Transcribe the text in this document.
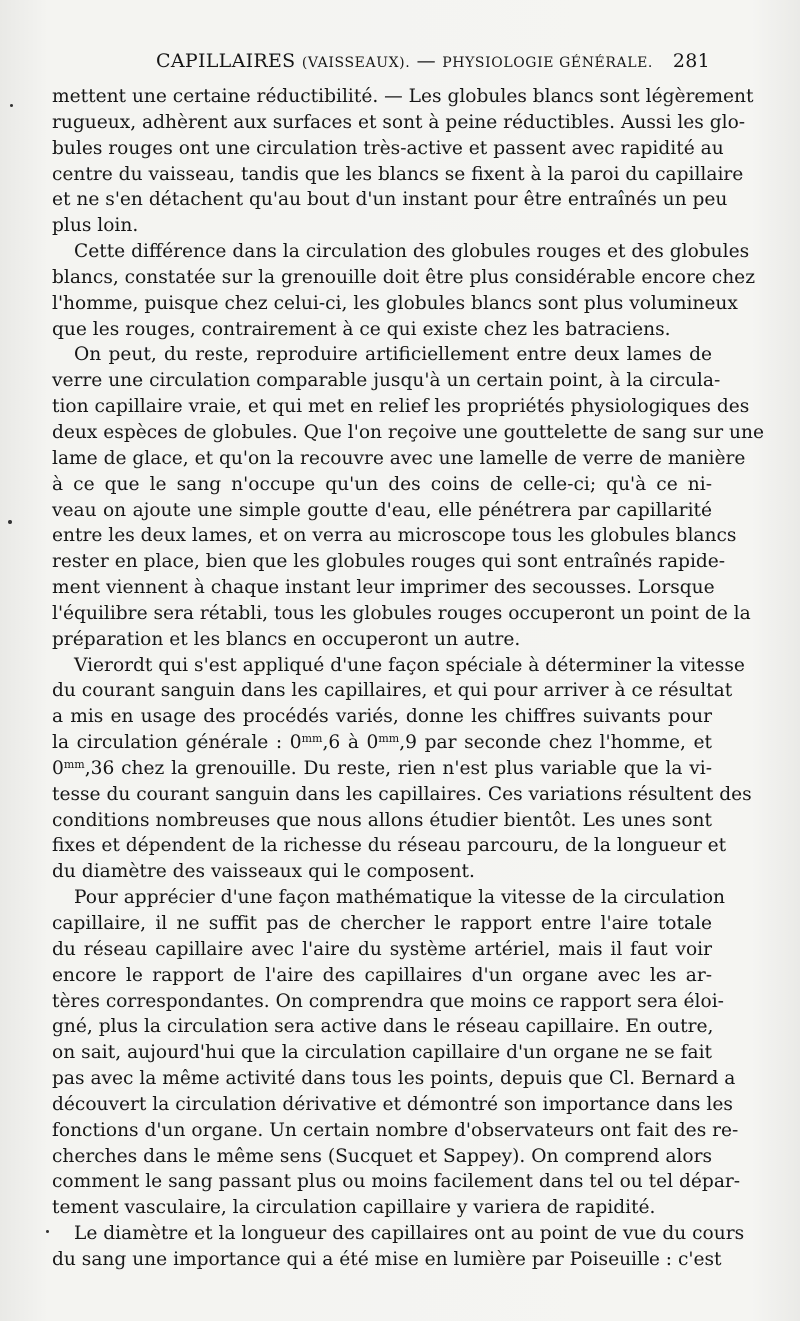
CAPILLAIRES (VAISSEAUX). — PHYSIOLOGIE GÉNÉRALE. 281

mettent une certaine réductibilité. — Les globules blancs sont légèrement
rugueux, adhèrent aux surfaces et sont à peine réductibles. Aussi les glo-
bules rouges ont une circulation très-active et passent avec rapidité au
centre du vaisseau, tandis que les blancs se fixent à la paroi du capillaire
et ne s'en détachent qu'au bout d'un instant pour être entraînés un peu
plus loin.

Cette différence dans la circulation des globules rouges et des globules
blancs, constatée sur la grenouille doit être plus considérable encore chez
l'homme, puisque chez celui-ci, les globules blancs sont plus volumineux
que les rouges, contrairement à ce qui existe chez les batraciens.

On peut, du reste, reproduire artificiellement entre deux lames de
verre une circulation comparable jusqu'à un certain point, à la circula-
tion capillaire vraie, et qui met en relief les propriétés physiologiques des
deux espèces de globules. Que l'on reçoive une gouttelette de sang sur une
lame de glace, et qu'on la recouvre avec une lamelle de verre de manière
à ce que le sang n'occupe qu'un des coins de celle-ci; qu'à ce ni-
veau on ajoute une simple goutte d'eau, elle pénétrera par capillarité
entre les deux lames, et on verra au microscope tous les globules blancs
rester en place, bien que les globules rouges qui sont entraînés rapide-
ment viennent à chaque instant leur imprimer des secousses. Lorsque
l'équilibre sera rétabli, tous les globules rouges occuperont un point de la
préparation et les blancs en occuperont un autre.

Vierordt qui s'est appliqué d'une façon spéciale à déterminer la vitesse
du courant sanguin dans les capillaires, et qui pour arriver à ce résultat
a mis en usage des procédés variés, donne les chiffres suivants pour
la circulation générale : $0^{mm},6$ à $0^{mm},9$ par seconde chez l'homme, et
$0^{mm},36$ chez la grenouille. Du reste, rien n'est plus variable que la vi-
tesse du courant sanguin dans les capillaires. Ces variations résultent des
conditions nombreuses que nous allons étudier bientôt. Les unes sont
fixes et dépendent de la richesse du réseau parcouru, de la longueur et
du diamètre des vaisseaux qui le composent.

Pour apprécier d'une façon mathématique la vitesse de la circulation
capillaire, il ne suffit pas de chercher le rapport entre l'aire totale
du réseau capillaire avec l'aire du système artériel, mais il faut voir
encore le rapport de l'aire des capillaires d'un organe avec les ar-
tères correspondantes. On comprendra que moins ce rapport sera éloi-
gné, plus la circulation sera active dans le réseau capillaire. En outre,
on sait, aujourd'hui que la circulation capillaire d'un organe ne se fait
pas avec la même activité dans tous les points, depuis que Cl. Bernard a
découvert la circulation dérivative et démontré son importance dans les
fonctions d'un organe. Un certain nombre d'observateurs ont fait des re-
cherches dans le même sens (Sucquet et Sappey). On comprend alors
comment le sang passant plus ou moins facilement dans tel ou tel dépar-
tement vasculaire, la circulation capillaire y variera de rapidité.

Le diamètre et la longueur des capillaires ont au point de vue du cours
du sang une importance qui a été mise en lumière par Poiseuille : c'est
